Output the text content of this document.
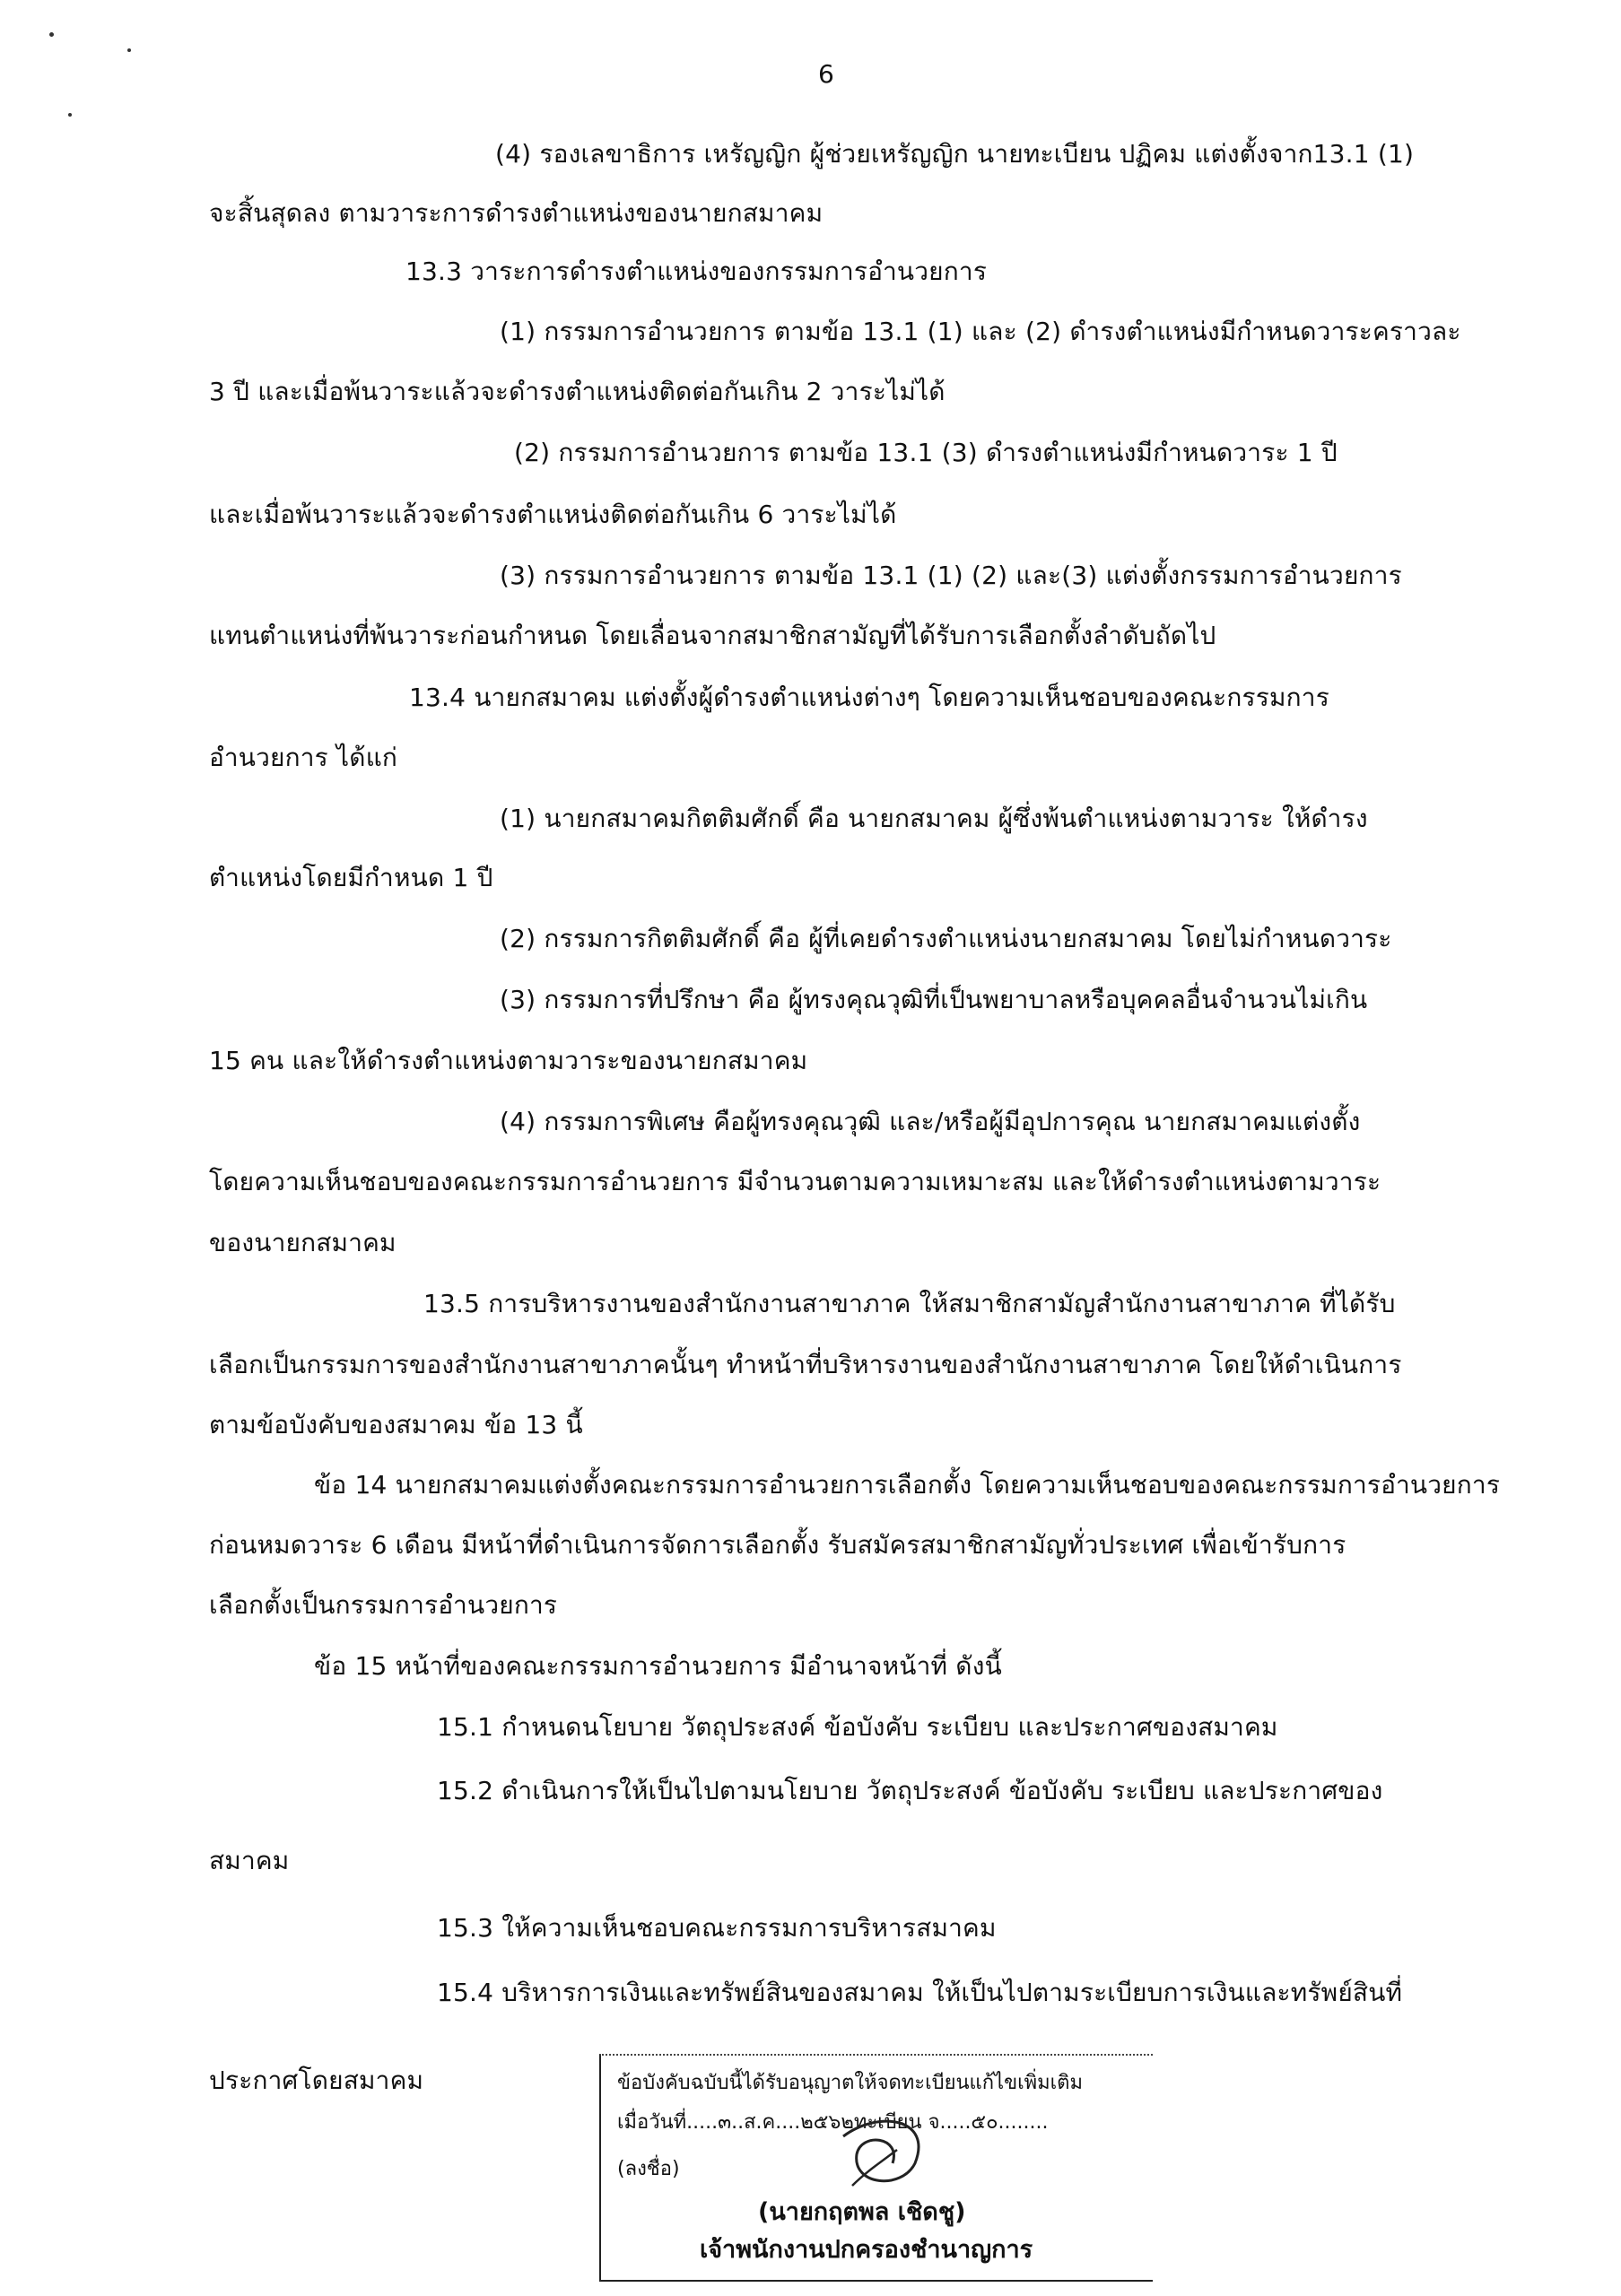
6
(4) รองเลขาธิการ เหรัญญิก ผู้ช่วยเหรัญญิก นายทะเบียน ปฏิคม แต่งตั้งจาก13.1 (1)
จะสิ้นสุดลง ตามวาระการดำรงตำแหน่งของนายกสมาคม
13.3 วาระการดำรงตำแหน่งของกรรมการอำนวยการ
(1) กรรมการอำนวยการ ตามข้อ 13.1 (1) และ (2) ดำรงตำแหน่งมีกำหนดวาระคราวละ
3 ปี และเมื่อพ้นวาระแล้วจะดำรงตำแหน่งติดต่อกันเกิน 2 วาระไม่ได้
(2) กรรมการอำนวยการ ตามข้อ 13.1 (3) ดำรงตำแหน่งมีกำหนดวาระ 1 ปี
และเมื่อพ้นวาระแล้วจะดำรงตำแหน่งติดต่อกันเกิน 6 วาระไม่ได้
(3) กรรมการอำนวยการ ตามข้อ 13.1 (1) (2) และ(3) แต่งตั้งกรรมการอำนวยการ
แทนตำแหน่งที่พ้นวาระก่อนกำหนด โดยเลื่อนจากสมาชิกสามัญที่ได้รับการเลือกตั้งลำดับถัดไป
13.4 นายกสมาคม แต่งตั้งผู้ดำรงตำแหน่งต่างๆ โดยความเห็นชอบของคณะกรรมการ
อำนวยการ ได้แก่
(1) นายกสมาคมกิตติมศักดิ์ คือ นายกสมาคม ผู้ซึ่งพ้นตำแหน่งตามวาระ ให้ดำรง
ตำแหน่งโดยมีกำหนด 1 ปี
(2) กรรมการกิตติมศักดิ์ คือ ผู้ที่เคยดำรงตำแหน่งนายกสมาคม โดยไม่กำหนดวาระ
(3) กรรมการที่ปรึกษา คือ ผู้ทรงคุณวุฒิที่เป็นพยาบาลหรือบุคคลอื่นจำนวนไม่เกิน
15 คน และให้ดำรงตำแหน่งตามวาระของนายกสมาคม
(4) กรรมการพิเศษ คือผู้ทรงคุณวุฒิ และ/หรือผู้มีอุปการคุณ นายกสมาคมแต่งตั้ง
โดยความเห็นชอบของคณะกรรมการอำนวยการ มีจำนวนตามความเหมาะสม และให้ดำรงตำแหน่งตามวาระ
ของนายกสมาคม
13.5 การบริหารงานของสำนักงานสาขาภาค ให้สมาชิกสามัญสำนักงานสาขาภาค ที่ได้รับ
เลือกเป็นกรรมการของสำนักงานสาขาภาคนั้นๆ ทำหน้าที่บริหารงานของสำนักงานสาขาภาค โดยให้ดำเนินการ
ตามข้อบังคับของสมาคม ข้อ 13 นี้
ข้อ 14 นายกสมาคมแต่งตั้งคณะกรรมการอำนวยการเลือกตั้ง โดยความเห็นชอบของคณะกรรมการอำนวยการ
ก่อนหมดวาระ 6 เดือน มีหน้าที่ดำเนินการจัดการเลือกตั้ง รับสมัครสมาชิกสามัญทั่วประเทศ เพื่อเข้ารับการ
เลือกตั้งเป็นกรรมการอำนวยการ
ข้อ 15 หน้าที่ของคณะกรรมการอำนวยการ มีอำนาจหน้าที่ ดังนี้
15.1 กำหนดนโยบาย วัตถุประสงค์ ข้อบังคับ ระเบียบ และประกาศของสมาคม
15.2 ดำเนินการให้เป็นไปตามนโยบาย วัตถุประสงค์ ข้อบังคับ ระเบียบ และประกาศของ
สมาคม
15.3 ให้ความเห็นชอบคณะกรรมการบริหารสมาคม
15.4 บริหารการเงินและทรัพย์สินของสมาคม ให้เป็นไปตามระเบียบการเงินและทรัพย์สินที่
ประกาศโดยสมาคม	ข้อบังคับฉบับนี้ได้รับอนุญาตให้จดทะเบียนแก้ไขเพิ่มเติม
เมื่อวันที่.....๓..ส.ค....๒๕๖๒ทะเบียน จ.....๕๐........
(ลงชื่อ)
(นายกฤตพล เชิดชู)
เจ้าพนักงานปกครองชำนาญการ
